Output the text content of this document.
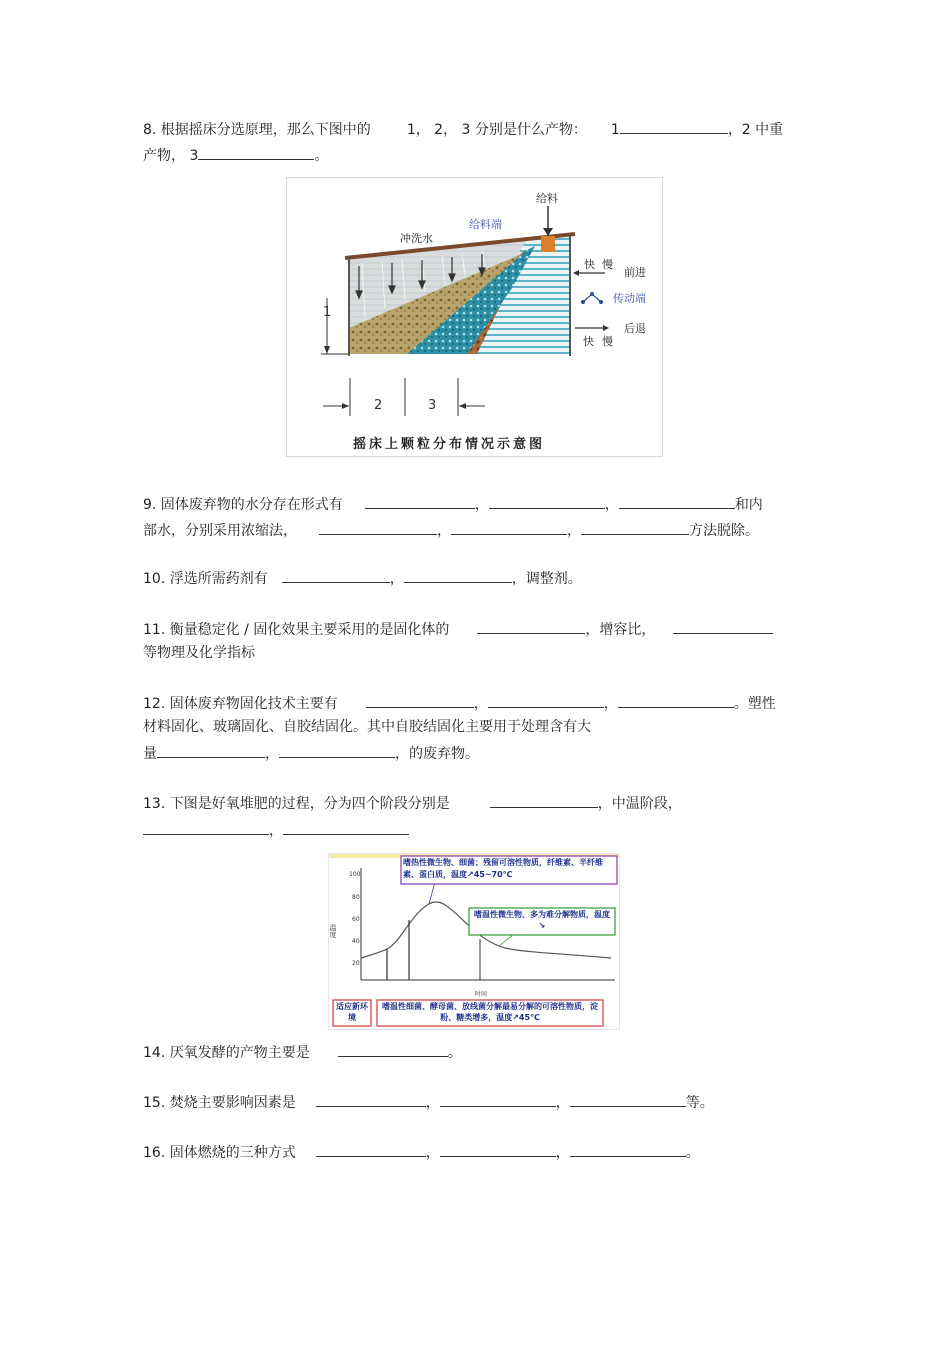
8. 根据摇床分选原理，那么下图中的	1， 2， 3 分别是什么产物： 1	，2 中重
产物， 3	。
给料
给料端
冲洗水
快 慢
前进
传动端
后退
快 慢
1
2	3
摇床上颗粒分布情况示意图
9. 固体废弃物的水分存在形式有	，	，	和内
部水，分别采用浓缩法，	，	，	方法脱除。
10. 浮选所需药剂有	，	，调整剂。
11. 衡量稳定化 / 固化效果主要采用的是固化体的	，增容比，
等物理及化学指标
12. 固体废弃物固化技术主要有	，	，	。塑性
材料固化、玻璃固化、自胶结固化。其中自胶结固化主要用于处理含有大
量	，	，的废弃物。
13. 下图是好氧堆肥的过程，分为四个阶段分别是	，中温阶段，
，
100
80
60
40
20
温度
时间
嗜热性微生物、细菌；残留可溶性物质，纤维素、半纤维素、蛋白质，温度↗45~70℃
嗜温性微生物、多为难分解物质，温度↘
适应新环境
嗜温性细菌、酵母菌、放线菌分解最易分解的可溶性物质，淀粉、糖类增多，温度↗45℃
14. 厌氧发酵的产物主要是	。
15. 焚烧主要影响因素是	，	，	等。
16. 固体燃烧的三种方式	，	，	。
